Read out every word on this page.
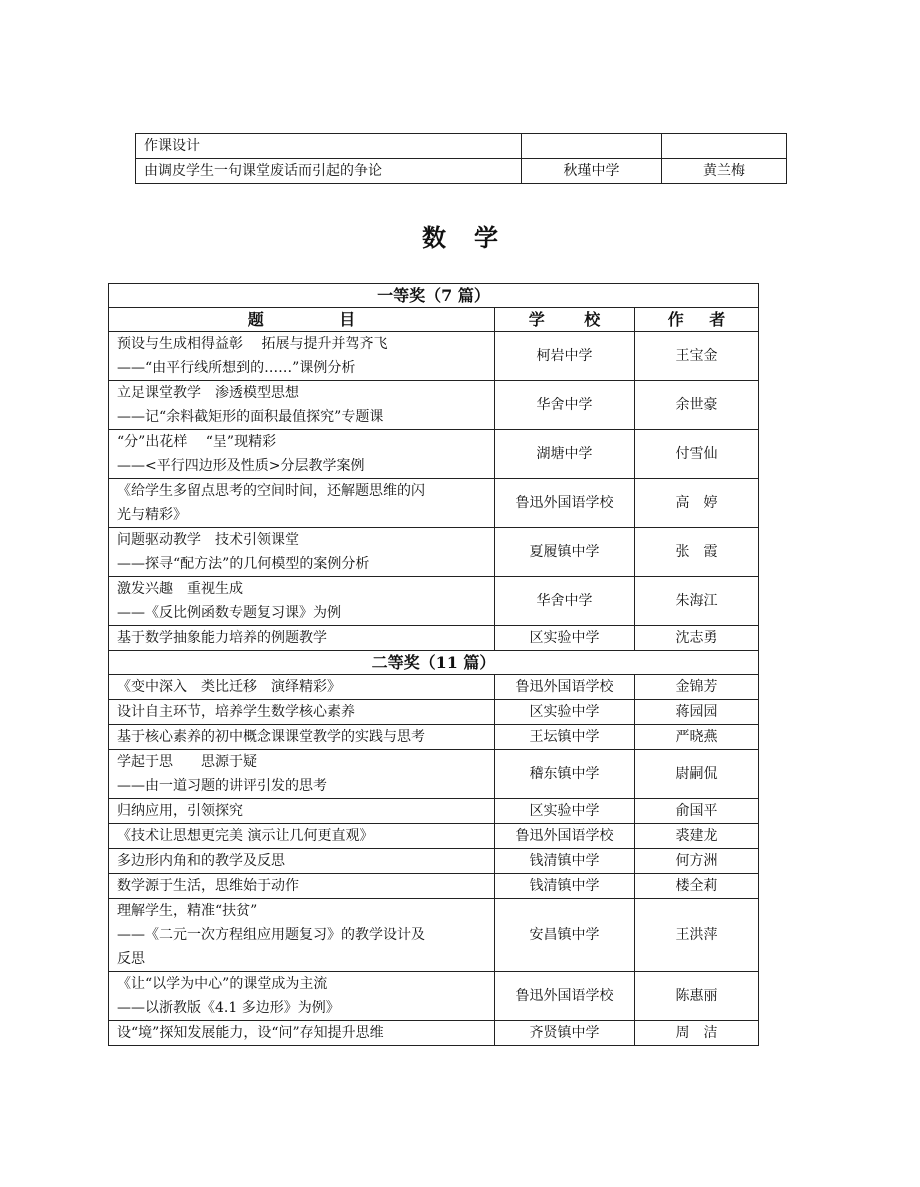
作课设计		
由调皮学生一句课堂废话而引起的争论	秋瑾中学	黄兰梅
数学
一等奖（7 篇）		
题 目	学 校	作 者

预设与生成相得益彰　 拓展与提升并驾齐飞
——“由平行线所想到的……”课例分析	柯岩中学	王宝金

立足课堂教学　渗透模型思想
——记“余料截矩形的面积最值探究”专题课	华舍中学	余世豪

“分”出花样　 “呈”现精彩
——<平行四边形及性质>分层教学案例	湖塘中学	付雪仙

《给学生多留点思考的空间时间，还解题思维的闪
光与精彩》	鲁迅外国语学校	高　婷

问题驱动教学　技术引领课堂
——探寻“配方法”的几何模型的案例分析	夏履镇中学	张　霞

激发兴趣　重视生成
——《反比例函数专题复习课》为例	华舍中学	朱海江

基于数学抽象能力培养的例题教学	区实验中学	沈志勇
二等奖（11 篇）		

《变中深入　类比迁移　演绎精彩》	鲁迅外国语学校	金锦芳

设计自主环节，培养学生数学核心素养	区实验中学	蒋园园

基于核心素养的初中概念课课堂教学的实践与思考	王坛镇中学	严晓燕

学起于思　　思源于疑
——由一道习题的讲评引发的思考	稽东镇中学	尉嗣侃

归纳应用，引领探究	区实验中学	俞国平

《技术让思想更完美 演示让几何更直观》	鲁迅外国语学校	裘建龙

多边形内角和的教学及反思	钱清镇中学	何方洲

数学源于生活，思维始于动作	钱清镇中学	楼全莉

理解学生，精准“扶贫”
——《二元一次方程组应用题复习》的教学设计及
反思	安昌镇中学	王洪萍

《让“以学为中心”的课堂成为主流
——以浙教版《4.1 多边形》为例》	鲁迅外国语学校	陈惠丽

设“境”探知发展能力，设“问”存知提升思维	齐贤镇中学	周　洁
